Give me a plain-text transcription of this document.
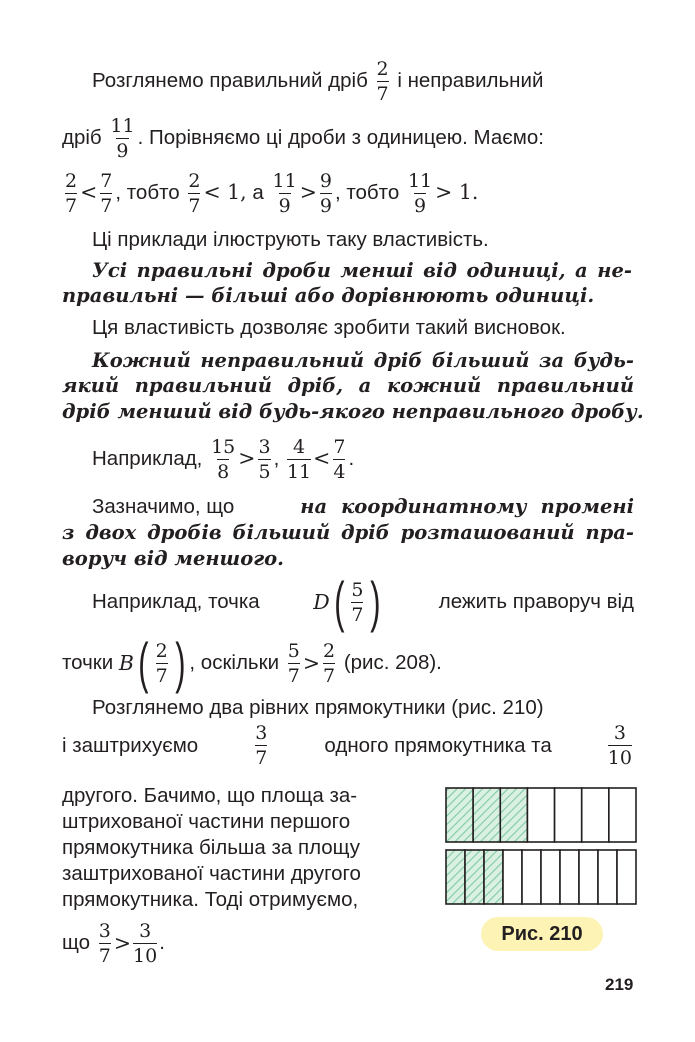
Розглянемо правильний дріб $\frac{2}{7}$ і неправильний
дріб $\frac{11}{9}$ . Порівняємо ці дроби з одиницею. Маємо:
$\frac{2}{7} < \frac{7}{7}$ , тобто $\frac{2}{7} < 1$, а $\frac{11}{9} > \frac{9}{9}$ , тобто $\frac{11}{9} > 1$.
Ці приклади ілюструють таку властивість.
Усі правильні дроби менші від одиниці, а не-
правильні — більші або дорівнюють одиниці.
Ця властивість дозволяє зробити такий висновок.
Кожний неправильний дріб більший за будь-
який правильний дріб, а кожний правильний
дріб менший від будь-якого неправильного дробу.
Наприклад, $\frac{15}{8} > \frac{3}{5}$ , $\frac{4}{11} < \frac{7}{4}$ .
Зазначимо, що	на координатному промені
з двох дробів більший дріб розташований пра-
воруч від меншого.
Наприклад, точка	D ( $\frac{5}{7}$ )	лежить праворуч від
точки
B ( $\frac{2}{7}$ ) , оскільки
$\frac{5}{7} > \frac{2}{7}$
(рис. 208).
Розглянемо два рівних прямокутники (рис. 210)
і заштрихуємо	$\frac{3}{7}$	одного прямокутника та	$\frac{3}{10}$
другого. Бачимо, що площа за-
штрихованої частини першого
прямокутника більша за площу
заштрихованої частини другого
прямокутника. Тоді отримуємо,
що
$\frac{3}{7} > \frac{3}{10}$ .	Рис. 210
219
